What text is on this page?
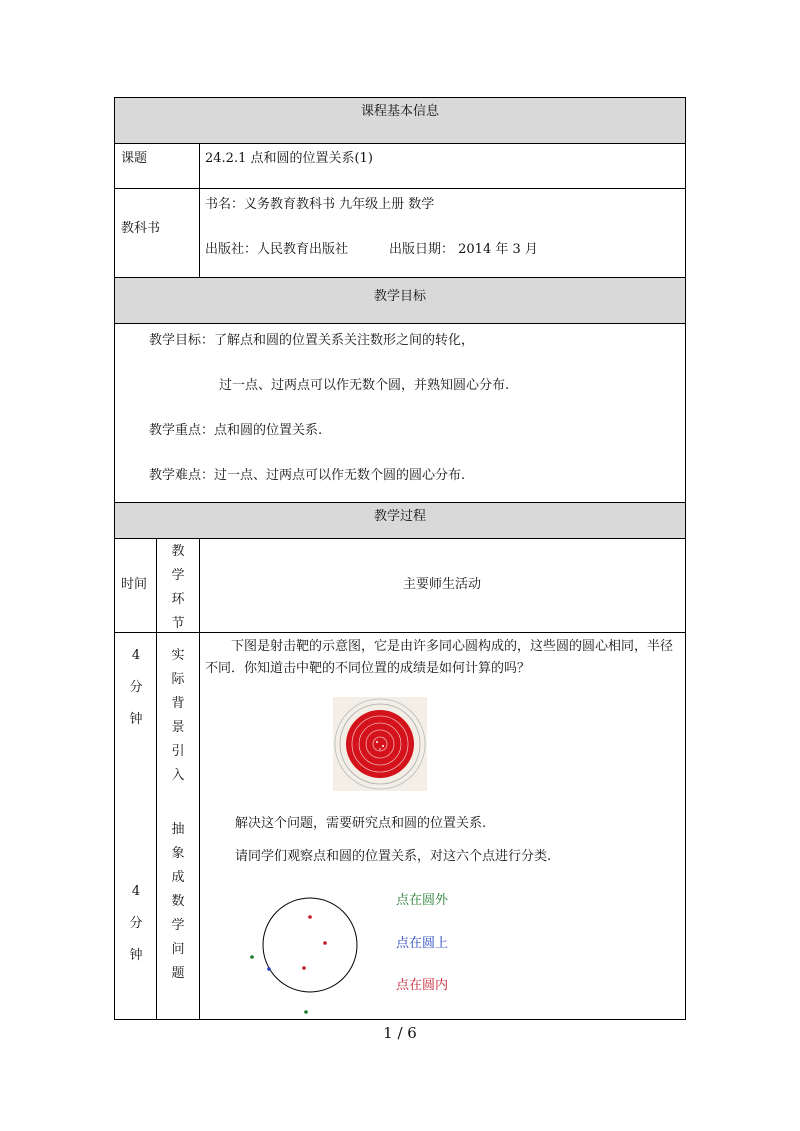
课程基本信息
课题	24.2.1 点和圆的位置关系(1)
教科书
书名：义务教育教科书 九年级上册 数学
出版社：人民教育出版社	出版日期： 2014 年 3 月
教学目标
教学目标：了解点和圆的位置关系关注数形之间的转化，
过一点、过两点可以作无数个圆，并熟知圆心分布.
教学重点：点和圆的位置关系.
教学难点：过一点、过两点可以作无数个圆的圆心分布.
教学过程
时间
教
学
环
节
主要师生活动
4
分
钟
实
际
背
景
引
入
下图是射击靶的示意图，它是由许多同心圆构成的，这些圆的圆心相同，半径不同．你知道击中靶的不同位置的成绩是如何计算的吗？
4
分
钟
抽
象
成
数
学
问
题
解决这个问题，需要研究点和圆的位置关系.
请同学们观察点和圆的位置关系，对这六个点进行分类.
点在圆外
点在圆上
点在圆内
1 / 6
